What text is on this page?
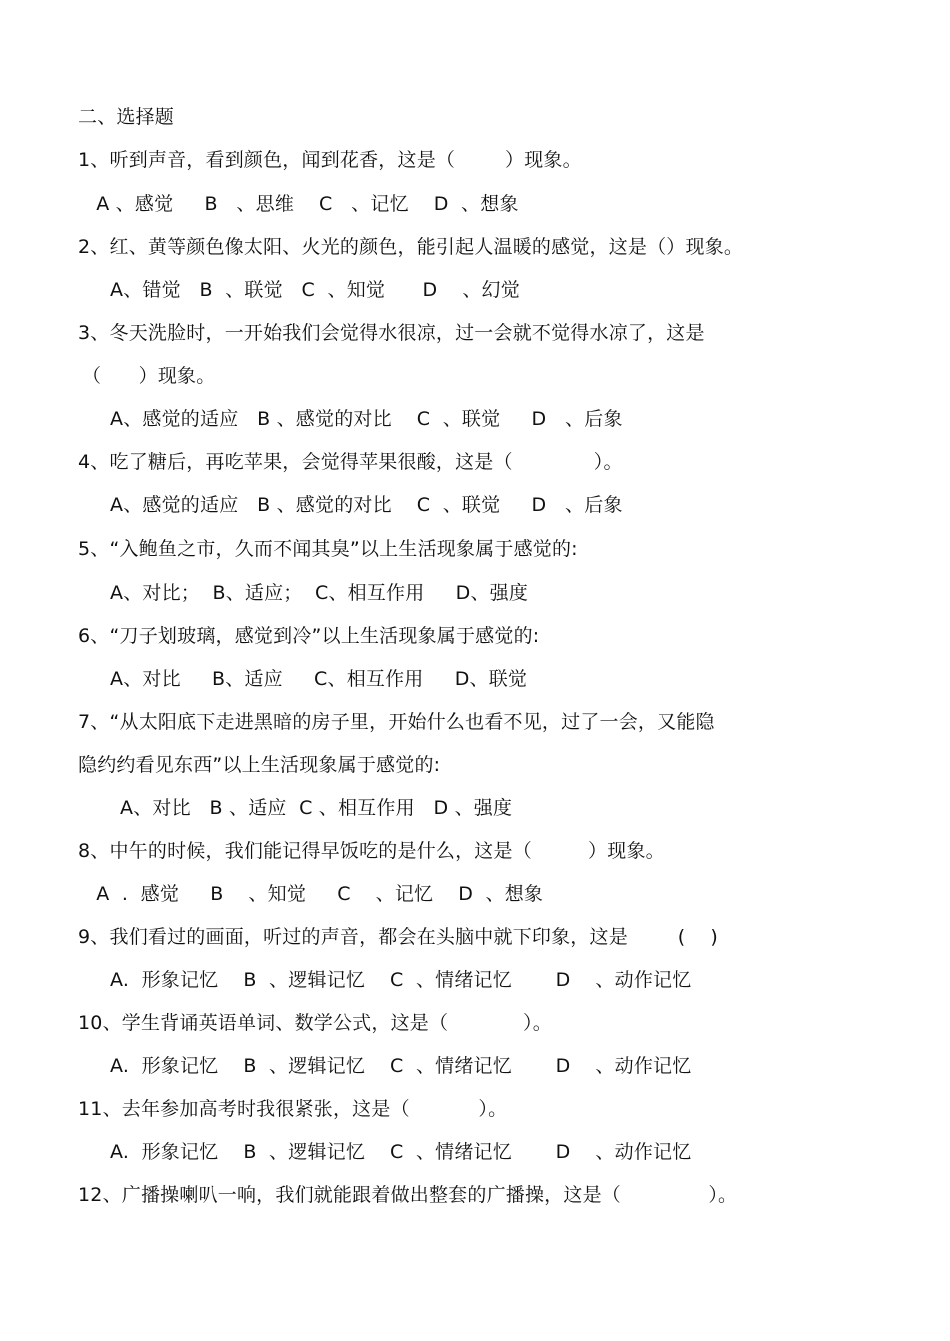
二、选择题
1、听到声音，看到颜色，闻到花香，这是（        ）现象。
A 、感觉     B   、思维    C   、记忆    D  、想象
2、红、黄等颜色像太阳、火光的颜色，能引起人温暖的感觉，这是（）现象。
A、错觉   B  、联觉   C  、知觉      D    、幻觉
3、冬天洗脸时，一开始我们会觉得水很凉，过一会就不觉得水凉了，这是
（      ）现象。
A、感觉的适应   B 、感觉的对比    C  、联觉     D   、后象
4、吃了糖后，再吃苹果，会觉得苹果很酸，这是（             ）。
A、感觉的适应   B 、感觉的对比    C  、联觉     D   、后象
5、“入鲍鱼之市，久而不闻其臭”以上生活现象属于感觉的:
A、对比；  B、适应；  C、相互作用     D、强度
6、“刀子划玻璃，感觉到冷”以上生活现象属于感觉的:
A、对比     B、适应     C、相互作用     D、联觉
7、“从太阳底下走进黑暗的房子里，开始什么也看不见，过了一会，又能隐
隐约约看见东西”以上生活现象属于感觉的:
A、对比   B 、适应  C 、相互作用   D 、强度
8、中午的时候，我们能记得早饭吃的是什么，这是（         ）现象。
A  .  感觉     B    、知觉     C    、记忆    D  、想象
9、我们看过的画面，听过的声音，都会在头脑中就下印象，这是        (    )
A.  形象记忆    B  、逻辑记忆    C  、情绪记忆       D    、动作记忆
10、学生背诵英语单词、数学公式，这是（            ）。
A.  形象记忆    B  、逻辑记忆    C  、情绪记忆       D    、动作记忆
11、去年参加高考时我很紧张，这是（           ）。
A.  形象记忆    B  、逻辑记忆    C  、情绪记忆       D    、动作记忆
12、广播操喇叭一响，我们就能跟着做出整套的广播操，这是（              ）。
